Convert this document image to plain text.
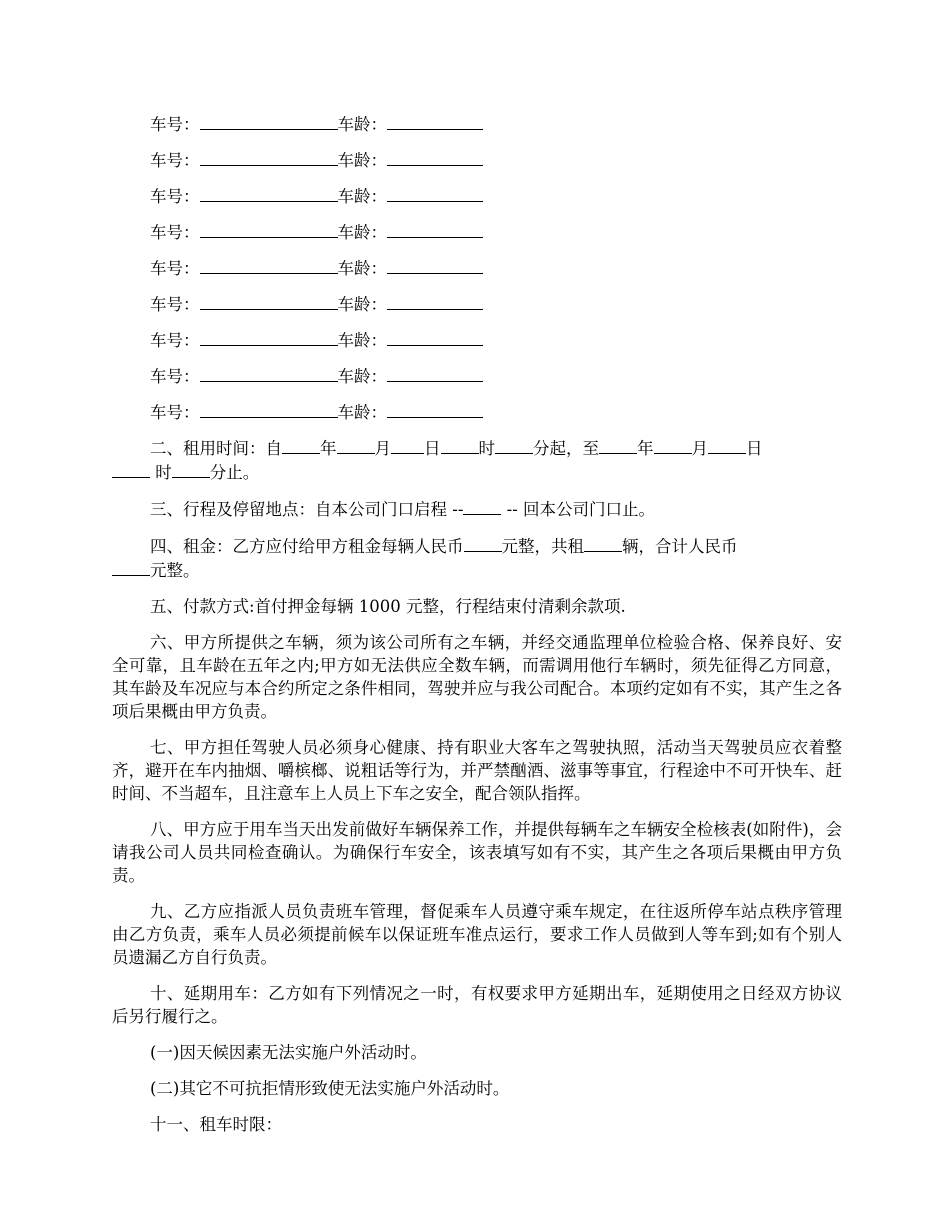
车号：	车龄：
车号：	车龄：
车号：	车龄：
车号：	车龄：
车号：	车龄：
车号：	车龄：
车号：	车龄：
车号：	车龄：
车号：	车龄：

二、租用时间：自 年 月 日 时 分起，至 年 月 日
时 分止。

三、行程及停留地点：自本公司门口启程 -- -- 回本公司门口止。

四、租金：乙方应付给甲方租金每辆人民币 元整，共租 辆，合计人民币
元整。

五、付款方式:首付押金每辆 1000 元整，行程结束付清剩余款项.

六、甲方所提供之车辆，须为该公司所有之车辆，并经交通监理单位检验合格、保养良好、安全可靠，且车龄在五年之内;甲方如无法供应全数车辆，而需调用他行车辆时，须先征得乙方同意，其车龄及车况应与本合约所定之条件相同，驾驶并应与我公司配合。本项约定如有不实，其产生之各项后果概由甲方负责。

七、甲方担任驾驶人员必须身心健康、持有职业大客车之驾驶执照，活动当天驾驶员应衣着整齐，避开在车内抽烟、嚼槟榔、说粗话等行为，并严禁酗酒、滋事等事宜，行程途中不可开快车、赶时间、不当超车，且注意车上人员上下车之安全，配合领队指挥。

八、甲方应于用车当天出发前做好车辆保养工作，并提供每辆车之车辆安全检核表(如附件)，会请我公司人员共同检查确认。为确保行车安全，该表填写如有不实，其产生之各项后果概由甲方负责。

九、乙方应指派人员负责班车管理，督促乘车人员遵守乘车规定，在往返所停车站点秩序管理由乙方负责，乘车人员必须提前候车以保证班车准点运行，要求工作人员做到人等车到;如有个别人员遗漏乙方自行负责。

十、延期用车：乙方如有下列情况之一时，有权要求甲方延期出车，延期使用之日经双方协议后另行履行之。

(一)因天候因素无法实施户外活动时。

(二)其它不可抗拒情形致使无法实施户外活动时。

十一、租车时限：
